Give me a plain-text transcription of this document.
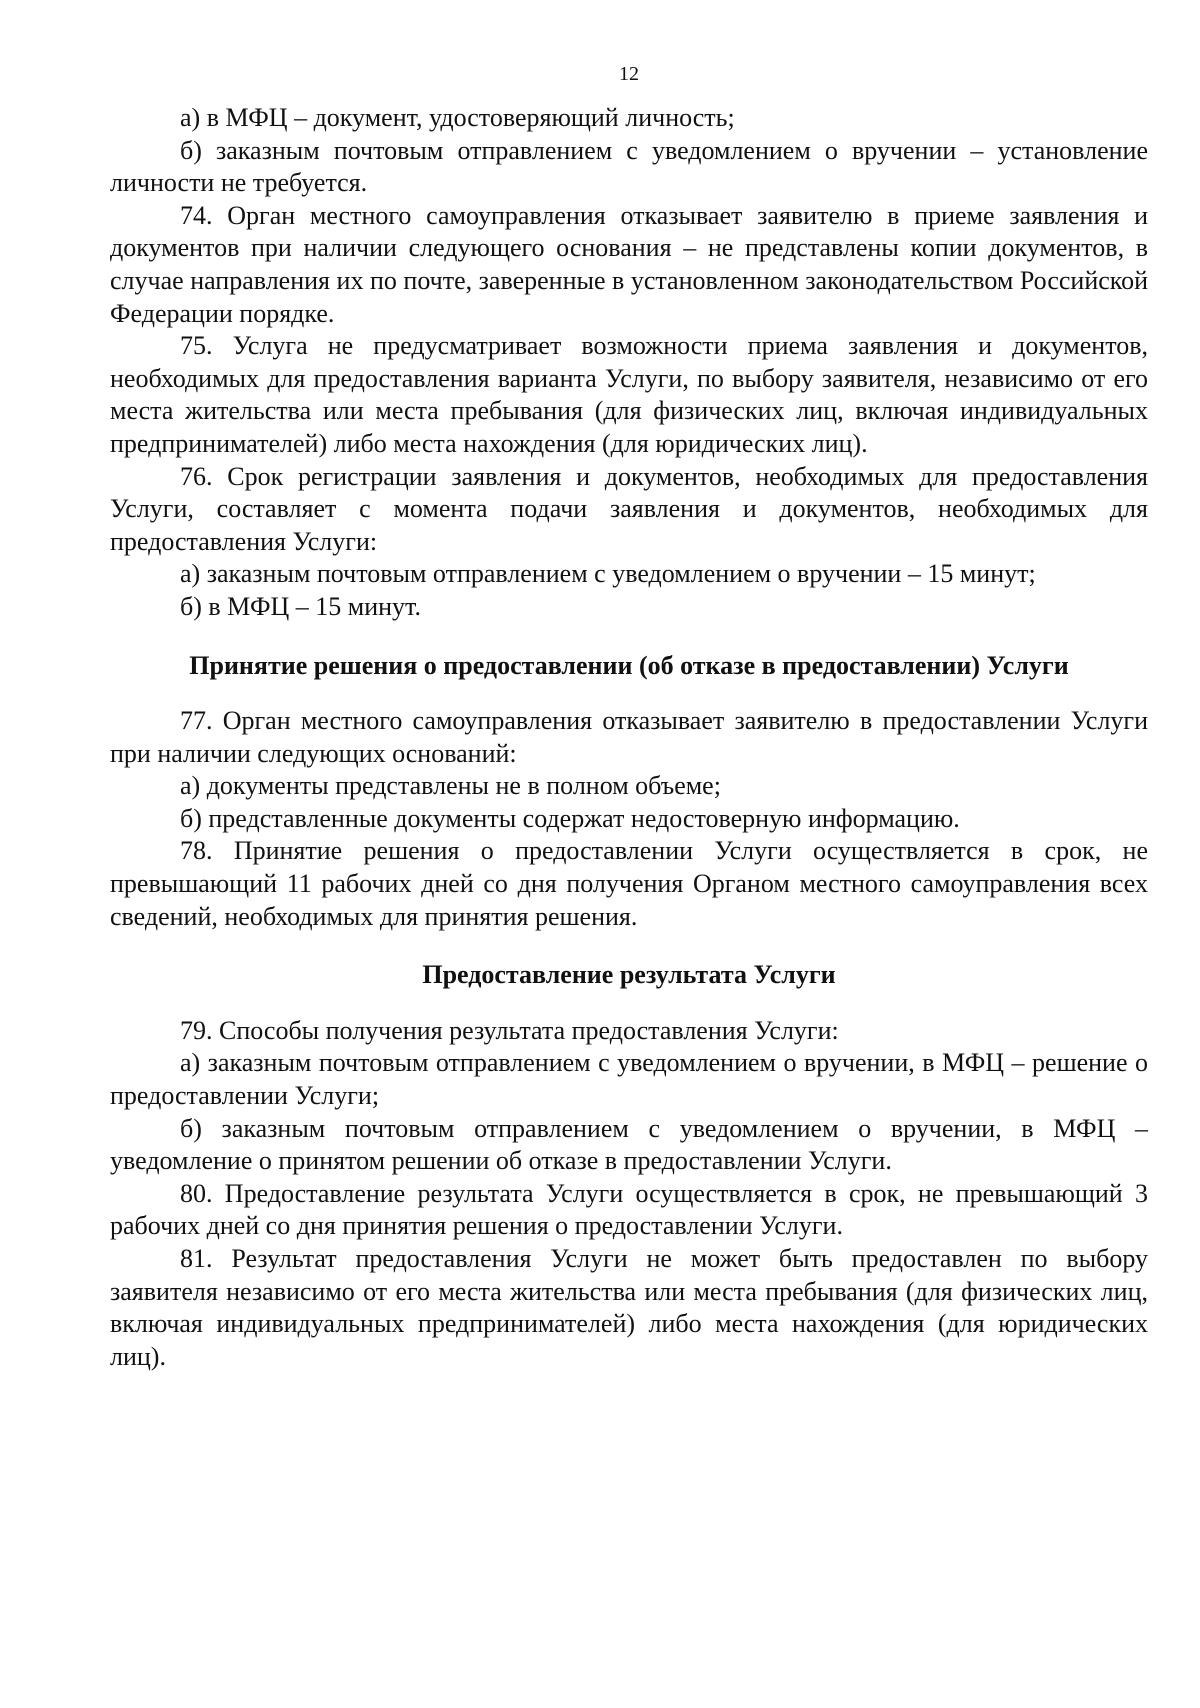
12

а) в МФЦ – документ, удостоверяющий личность;

б) заказным почтовым отправлением с уведомлением о вручении – установление личности не требуется.

74. Орган местного самоуправления отказывает заявителю в приеме заявления и документов при наличии следующего основания – не представлены копии документов, в случае направления их по почте, заверенные в установленном законодательством Российской Федерации порядке.

75. Услуга не предусматривает возможности приема заявления и документов, необходимых для предоставления варианта Услуги, по выбору заявителя, независимо от его места жительства или места пребывания (для физических лиц, включая индивидуальных предпринимателей) либо места нахождения (для юридических лиц).

76. Срок регистрации заявления и документов, необходимых для предоставления Услуги, составляет с момента подачи заявления и документов, необходимых для предоставления Услуги:

а) заказным почтовым отправлением с уведомлением о вручении – 15 минут;

б) в МФЦ – 15 минут.

Принятие решения о предоставлении (об отказе в предоставлении) Услуги

77. Орган местного самоуправления отказывает заявителю в предоставлении Услуги при наличии следующих оснований:

а) документы представлены не в полном объеме;

б) представленные документы содержат недостоверную информацию.

78. Принятие решения о предоставлении Услуги осуществляется в срок, не превышающий 11 рабочих дней со дня получения Органом местного самоуправления всех сведений, необходимых для принятия решения.

Предоставление результата Услуги

79. Способы получения результата предоставления Услуги:

а) заказным почтовым отправлением с уведомлением о вручении, в МФЦ – решение о предоставлении Услуги;

б) заказным почтовым отправлением с уведомлением о вручении, в МФЦ – уведомление о принятом решении об отказе в предоставлении Услуги.

80. Предоставление результата Услуги осуществляется в срок, не превышающий 3 рабочих дней со дня принятия решения о предоставлении Услуги.

81. Результат предоставления Услуги не может быть предоставлен по выбору заявителя независимо от его места жительства или места пребывания (для физических лиц, включая индивидуальных предпринимателей) либо места нахождения (для юридических лиц).
